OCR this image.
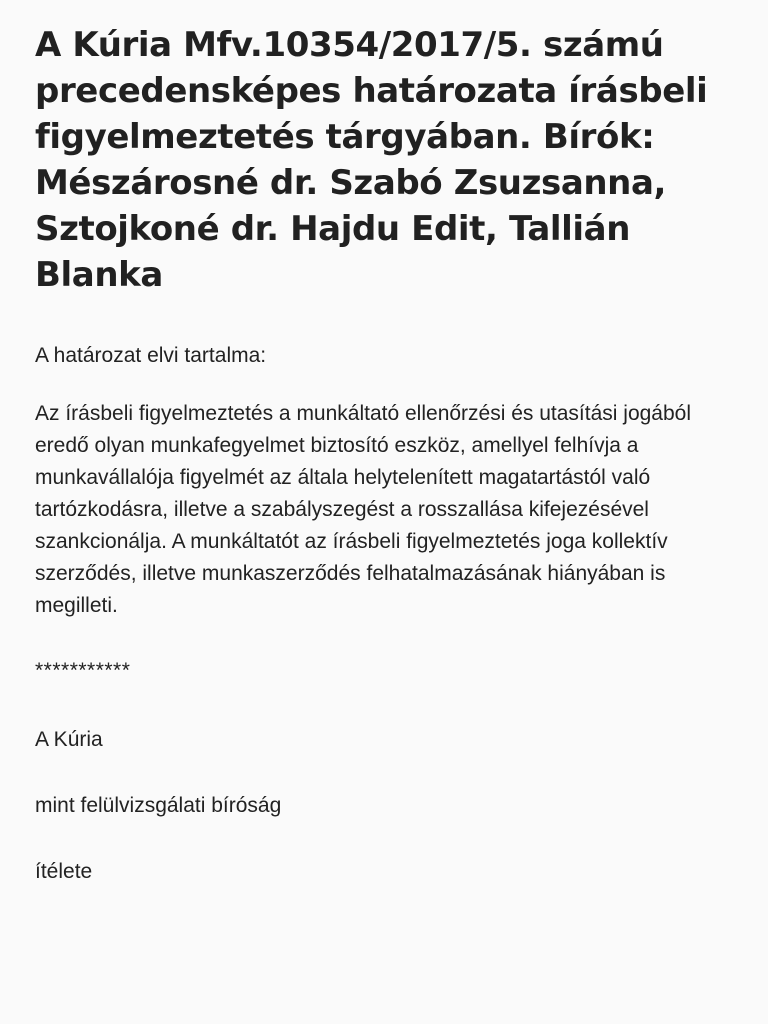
A Kúria Mfv.10354/2017/5. számú precedensképes határozata írásbeli figyelmeztetés tárgyában. Bírók: Mészárosné dr. Szabó Zsuzsanna, Sztojkoné dr. Hajdu Edit, Tallián Blanka

A határozat elvi tartalma:

Az írásbeli figyelmeztetés a munkáltató ellenőrzési és utasítási jogából eredő olyan munkafegyelmet biztosító eszköz, amellyel felhívja a munkavállalója figyelmét az általa helytelenített magatartástól való tartózkodásra, illetve a szabályszegést a rosszallása kifejezésével szankcionálja. A munkáltatót az írásbeli figyelmeztetés joga kollektív szerződés, illetve munkaszerződés felhatalmazásának hiányában is megilleti.

***********

A Kúria

mint felülvizsgálati bíróság

ítélete
